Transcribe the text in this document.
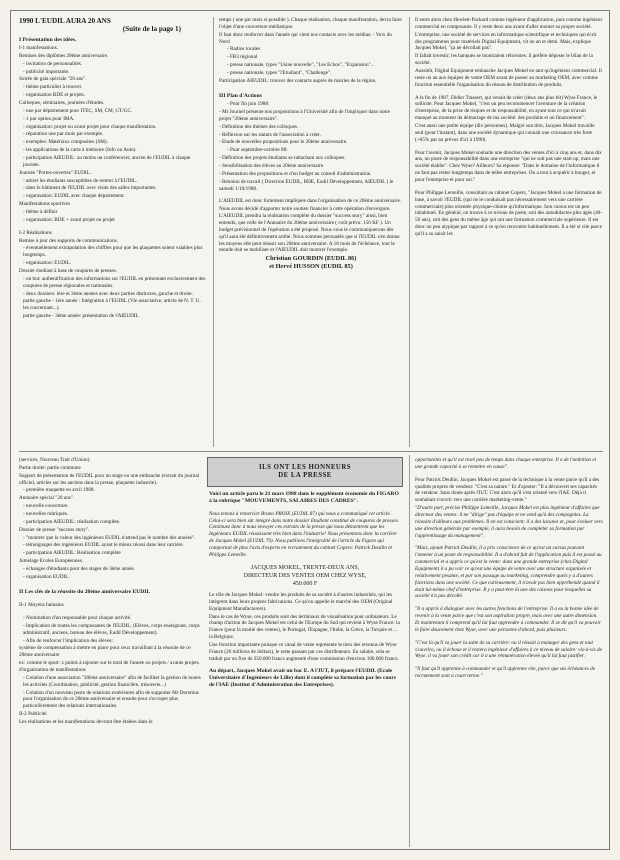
1990 L'EUDIL AURA 20 ANS
(Suite de la page 1)
I Présentation des idées.
I-1 manifestations.
Remises des diplômes 20ème anniversaire.
- invitation de personnalités.
- publicité importante.
Soirée de gala spéciale "20 ans".
- thème particulier à trouver.
- organisation BDE et projets.
Colloques, séminaires, journées d'études.
- une par département pour ITEC, SM, CM, GT/GC.
- 1 par option pour IMA.
- organisation: projet ou avant projet pour chaque manifestation.
- réparation une par mois par exemple.
- exemples: Matériaux composites (SM).
- les applications de la carte à mémoire (Info ou Auto).
- participation AIEUDIL: au moins un conférencier, ancien de l'EUDIL à chaque journée.
Journée "Portes-ouvertes" EUDIL.
- attirer les étudiants susceptibles de rentrer à l'EUDIL.
- dans le bâtiment de l'EUDIL avec visite des salles importantes.
- organisation: EUDIL avec chaque département.
Manifestations sportives
- thème à définir
- organisation: BDE + avant projet ou projet
I-2 Réalisations
Remise à jour des supports de communications.
- éventuellement extrapolation des chiffres pour que les plaquettes soient valables plus longtemps.
- organisation: EUDIL.
Dossier étudiant à base de coupures de presses.
- un but: authentification des informations sur l'EUDIL en présentant exclusivement des coupures de presse régionales et nationales.
- deux dossiers: lère et 3ème années avec deux parties distinctes, gauche et droite.
partie gauche - 1ère année : Intégration à l'EUDIL (Vie associative, article de N. T. U. les concernant...).
partie gauche - 3ème année: présentation de l'AIEUDIL
temps ( une par mois si possible ). Chaque réalisation, chaque manifestation, devra faire l'objet d'une couverture médiatique.
Il faut donc renforcer dans l'année qui vient nos contacts avec les médias: - Voix du Nord
- Radios locales
- FR3 régional
- presse nationale, types "Usine nouvelle", "Les Echos", "Expansion"...
- presse nationale, types "l'Etudiant", "Challenge".
Participation AIEUDIL: trouver des contacts auprès de mairies de la région.
III Plan d'Actions
- Pour fin juin 1988:
- Mr Journel présente nos propositions à l'Université afin de l'impliquer dans notre projet "20ème anniversaire".
- Définition des thèmes des colloques.
- Réflexion sur les statuts de l'association à créer.
- Etude de nouvelles propositions pour le 20ème anniversaire.
- Pour septembre-octobre 88:
- Définition des projets étudiants se rattachant aux colloques.
- Sensibilisation des élèves au 20ème anniversaire.
- Présentation des propositions et d'un budget au conseil d'administration.
- Réunion de travail ( Direction EUDIL, BDE, Eudil Développement, AIEUDIL ) le samedi 1/10/1988.
L'AIEUDIL est donc fortement impliquée dans l'organisation de ce 20ème anniversaire.
Nous avons décidé d'apporter notre soutien financier à cette opération d'envergure. L'AIEUDIL prendra la réalisation complète du dossier "success story" ainsi, bien entendu, que celle de l'Annuaire du 20ème anniversaire ( coût prévu: 150 KF ). Un budget prévisionnel de l'opération a été proposé. Nous vous le communiquerons dès qu'il aura été définitivement arrêté. Nous sommes persuadés que si l'EUDIL s'en donne les moyens elle peut réussir son 20ème anniversaire. A 18 mois de l'échéance, tout le monde doit se mobiliser et l'AIEUDIL doit montrer l'exemple.
Christian GOURDIN (EUDIL 86)
et Hervé HUSSON (EUDIL 85)
Il entre alors chez Hewlett-Packard comme ingénieur d'application, puis comme ingénieur commercial en composants. Il y reste deux ans avant d'aller monter sa propre société.
L'entreprise, une société de services en informatique scientifique et techniques qui écrit des programmes pour matériels Digital Equipment, vit un an et demi. Mais, explique Jacques Mokel, "ça ne décollait pas".
Il fallait investir; les banques se montraient réticentes: il préfère déposer le bilan de la société.
Aussitôt, Digital Equipment embauche Jacques Mokel en tant qu'ingénieur commercial. Il reste un an aux équipes de vente OEM avant de passer au marketing OEM, avec comme fonction essentielle l'organisation du réseau de distribution de produits.
A la fin de 1987, Didier Trassert, qui venait de créer (deux ans plus tôt) Wyse France, le sollicite. Pour Jacques Mokel, "c'est un peu recommencer l'aventure de la création d'entreprise, de la prise de risques et de responsabilité, en ayant tout ce qui m'avait manqué au moment du démarrage de ma société: des produits et un financement".
C'est aussi une petite équipe (dix personnes). Malgré son titre, Jacques Mokel travaille seul (pour l'instant), dans une société dynamique qui connaît une croissance très forte (+65% par an prévus d'ici à 1990).
Pour l'avenir, Jacques Mokel souhaite une direction des ventes d'ici à cinq ans et, dans dix ans, un poste de responsabilité dans une entreprise "qui ne soit pas une start up, mais une société établie". Chez Wyse? Ailleurs? Sa réponse: "Dans le domaine de l'informatique il ne faut pas rester longtemps dans de telles entreprises. On a tout à acquérir à bouger, et pour l'entreprise et pour soi."
Pour Philippe Lemeille, consultant au cabinet Copers, "Jacques Mokel a une formation de base, à savoir l'EUDIL (qui ne le conduisait pas nécessairement vers une carrière commerciale) plus orientée physique-chimie qu'informatique. Son cursus est un peu inhabituel. En général, on trouve à ce niveau de poste, soit des autodidactes plus âgés (40-50 ans), soit des gens du même âge qui ont une formation commerciale supérieure. Il est donc un peu atypique par rapport à ce qu'on rencontre habituellement. Il a été si vite parce qu'il a su saisir les
(services, Nouveau Trait d'Union).
Partie droite: partie commune
Support de présentation de l'EUDIL pour un stage ou une embauche (extrait du journal officiel, articles sur les anciens dans la presse, plaquette industrie).
- première maquette en avril 1988.
Annuaire spécial "20 ans"
- nouvelle couverture.
- nouvelles rubriques.
- participation AIEUDIL: réalisation complète.
Dossier de presse "success story".
- "montrer que la valeur des ingénieurs EUDIL n'attend pas le nombre des années".
- témoignages des ingénieurs EUDIL ayant le mieux réussi dans leur carrière.
- participation AIEUDIL: Réalisation complète
Jumelage Ecoles Européennes.
- échanges d'étudiants pour des stages de 3ème année.
- organisation EUDIL.
II Les clés de la réussite du 20ème anniversaire EUDIL
II-1 Moyens humains
- Nomination d'un responsable pour chaque activité.
- Implication de toutes les composantes de l'EUDIL, (Elèves, corps enseignant, corps administratif, anciens, bureau des élèves, Eudil Développement).
- Afin de renforcer l'implication des élèves:
système de compensation à mettre en place pour ceux travaillant à la réussite de ce 20ème anniversaire
ex: comme le sport: x points à rajouter sur le total de l'année ou projets / avants projets d'organisation de manifestations
- Création d'une association "20ème anniversaire" afin de faciliter la gestion de toutes les activités (Coordination, publicité, gestion financière, trésorerie...)
- Création d'un nouveau poste de relations extérieures afin de supporter Mr Doremus pour l'organisation de ce 20ème anniversaire et ensuite pour s'occuper plus particulièrement des relations internationales.
II-2 Publicité
Les réalisations et les manifestations devront être étalées dans le
ILS ONT LES HONNEURS
DE LA PRESSE
Voici un article paru le 21 mars 1988 dans le supplément économie du FIGARO à la rubrique "MOUVEMENTS, SALAIRES DES CADRES".
Nous tenons à remercier Bruno PROIX (EUDIL 87) qui nous a communiqué cet article. Celui-ci sera bien sûr intégré dans notre dossier Etudiant constitué de coupures de presses. Continuez donc à nous envoyer ces extraits de la presse qui nous démontrent que les Ingénieurs EUDIL réussissent très bien dans l'industrie! Nous présentons donc la carrière de Jacques Mokel (EUDIL 79). Nous publions l'intégralité de l'article du Figaro qui comportait de plus l'avis d'experts en recrutement du cabinet Copers: Patrick Deullin et Philippe Lemeille.
JACQUES MOKEL, TRENTE-DEUX ANS,
DIRECTEUR DES VENTES OEM CHEZ WYSE,
450.000 F
Le rôle de Jacques Mokel: vendre les produits de sa société à d'autres industriels, qui les intègrent dans leurs propres fabrications. Ce qu'on appelle le marché des OEM (Original Equipment Manufacturers).
Dans le cas de Wyse, ces produits sont des terminaux de visualisation pour ordinateurs. Le champ d'action de Jacques Mokel est celui de l'Europe du Sud qui revient à Wyse France: la France (pour la moitié des ventes), le Portugal, l'Espagne, l'Italie, la Grèce, la Turquie et ... la Belgique.
Une fonction importante puisque ce canal de vente représente le tiers des revenus de Wyse France (26 millions de dollars), le reste passant par ces distributeurs. En salaire, cela se traduit par un fixe de 350.000 francs augmenté d'une commission d'environ 100.000 francs.
Au départ, Jacques Mokel avait un bac E. A l'IUT, il prépare l'EUDIL (Ecole Universitaire d'Ingénieurs de Lille) dont il complète sa formation par les cours de l'IAE (Institut d'Administration des Entreprises).
opportunités et qu'il est resté peu de temps dans chaque entreprise. Il a de l'ambition et une grande capacité à se remettre en cause".
Pour Patrick Deullin, Jacques Mokel est passé de la technique à la vente parce qu'il a des qualités propres de vendeur: "C'est sa nature." Et d'ajouter: "Il a découvert ses capacités de vendeur. Sans doute après l'IUT. C'est alors qu'il s'est orienté vers l'IAE. Déjà il souhaitait s'ouvrir vers une carrière marketing-vente."
"D'autre part, précise Philippe Lemeille, Jacques Mokel est plus ingénieur d'affaires que directeur des ventes: il ne "dirige" pas d'équipe et ne vend qu'à des compagnies. La réussite d'ailleurs aux problèmes. Il en est conscient: il a des lacunes et, pour évoluer vers une direction générale par exemple, il aura besoin de compléter sa formation par l'apprentissage du management".
"Mais, ajoute Patrick Deullin, il a pris conscience de ce qu'est un cursus pouvant l'amener à un poste de responsabilité. Il a d'abord fait de l'application puis il est passé au commercial et a appris ce qu'est la vente: dans une grande entreprise (chez Digital Equipment) il a pu voir ce qu'est une équipe de vente avec une structure organisée et relativement pesante, et par son passage au marketing, comprendre quels y a d'autres fonctions dans une société. Ce que curieusement, il n'avait pas bien appréhendé quand il était lui-même chef d'entreprise. Il y a peut-être là une des raisons pour lesquelles sa société n'a pas décollé.
"Il a appris à dialoguer avec les autres fonctions de l'entreprise. Il a eu la bonne idée de revenir à la vente parce que c'est son aspiration propre, mais avec une autre dimension. Et maintenant il comprend qu'il lui faut apprendre à commander. Il se dit qu'il va pouvoir le faire doucement chez Wyse, avec une personne d'abord, puis plusieurs.
"C'est là qu'il va jouer la suite de sa carrière: ou il réussit à manager des gens et tout s'ouvrira, ou il échoue et il restera ingénieur d'affaires à ce niveau de salaire: vis-à-vis de Wyse, il va jouer son crédit car il a une rémunération élevée qu'il lui faut justifier.
"Il faut qu'il apprenne à commander et qu'il apprenne vite, parce que ses échéances de recrutement sont à court terme."
